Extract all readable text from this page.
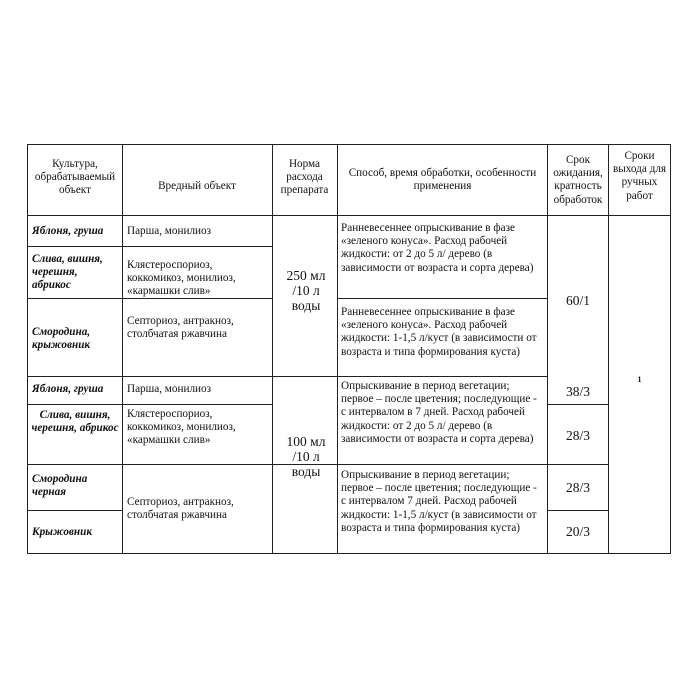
Культура, обрабатываемый объект	Вредный объект
Норма расхода препарата
Способ, время обработки, особенности применения
Срок ожидания, кратность обработок
Сроки выхода для ручных работ
Яблоня, груша
Слива, вишня, черешня, абрикос
Смородина, крыжовник
Яблоня, груша
Слива, вишня, черешня, абрикос
Смородина черная
Крыжовник
Парша, монилиоз
Клястероспориоз, коккомикоз, монилиоз, «кармашки слив»
Септориоз, антракноз, столбчатая ржавчина
Парша, монилиоз
Клястероспориоз, коккомикоз, монилиоз, «кармашки слив»
Септориоз, антракноз, столбчатая ржавчина
250 мл /10 л воды
100 мл /10 л воды
Ранневесеннее опрыскивание в фазе «зеленого конуса». Расход рабочей жидкости: от 2 до 5 л/ дерево (в зависимости от возраста и сорта дерева)
Ранневесеннее опрыскивание в фазе «зеленого конуса». Расход рабочей жидкости: 1-1,5 л/куст (в зависимости от возраста и типа формирования куста)
Опрыскивание в период вегетации; первое – после цветения; последующие - с интервалом в 7 дней. Расход рабочей жидкости: от 2 до 5 л/ дерево (в зависимости от возраста и сорта дерева)
Опрыскивание в период вегетации; первое – после цветения; последующие - с интервалом 7 дней. Расход рабочей жидкости: 1-1,5 л/куст (в зависимости от возраста и типа формирования куста)
60/1
38/3
28/3
28/3
20/3
1
